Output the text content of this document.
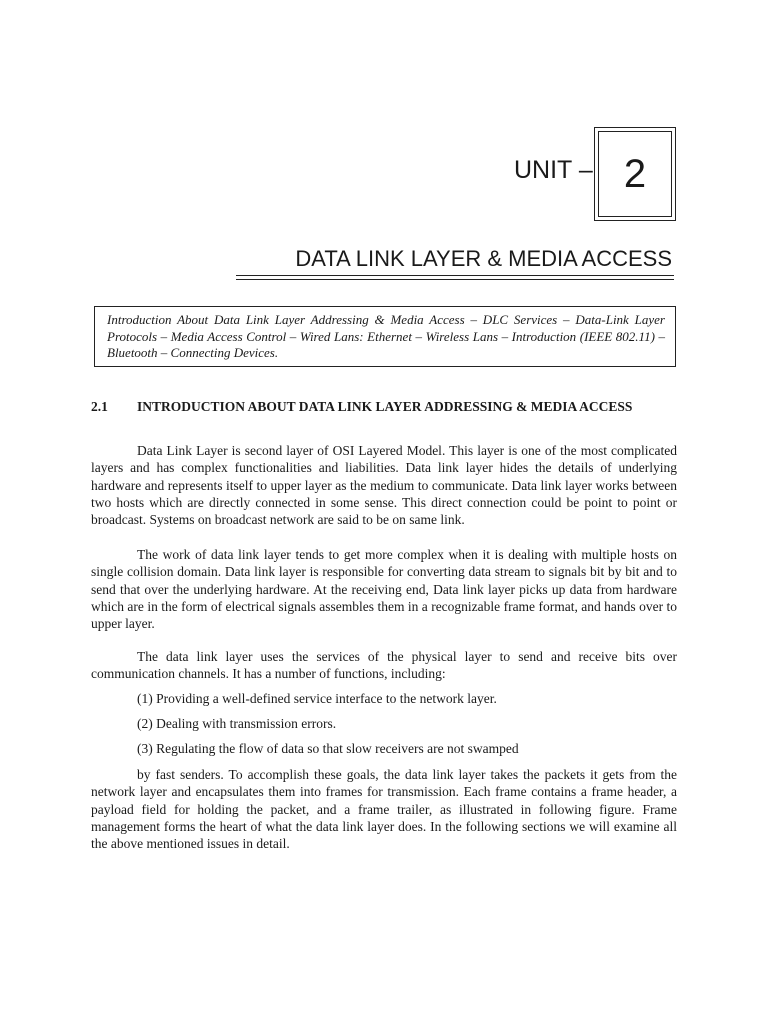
UNIT – 2
DATA LINK LAYER & MEDIA ACCESS
Introduction About Data Link Layer Addressing & Media Access – DLC Services – Data-Link Layer Protocols – Media Access Control – Wired Lans: Ethernet – Wireless Lans – Introduction (IEEE 802.11) – Bluetooth – Connecting Devices.
2.1 INTRODUCTION ABOUT DATA LINK LAYER ADDRESSING & MEDIA ACCESS
Data Link Layer is second layer of OSI Layered Model. This layer is one of the most complicated layers and has complex functionalities and liabilities. Data link layer hides the details of underlying hardware and represents itself to upper layer as the medium to communicate. Data link layer works between two hosts which are directly connected in some sense. This direct connection could be point to point or broadcast. Systems on broadcast network are said to be on same link.
The work of data link layer tends to get more complex when it is dealing with multiple hosts on single collision domain. Data link layer is responsible for converting data stream to signals bit by bit and to send that over the underlying hardware. At the receiving end, Data link layer picks up data from hardware which are in the form of electrical signals assembles them in a recognizable frame format, and hands over to upper layer.
The data link layer uses the services of the physical layer to send and receive bits over communication channels. It has a number of functions, including:
(1) Providing a well-defined service interface to the network layer.
(2) Dealing with transmission errors.
(3) Regulating the flow of data so that slow receivers are not swamped
by fast senders. To accomplish these goals, the data link layer takes the packets it gets from the network layer and encapsulates them into frames for transmission. Each frame contains a frame header, a payload field for holding the packet, and a frame trailer, as illustrated in following figure. Frame management forms the heart of what the data link layer does. In the following sections we will examine all the above mentioned issues in detail.
